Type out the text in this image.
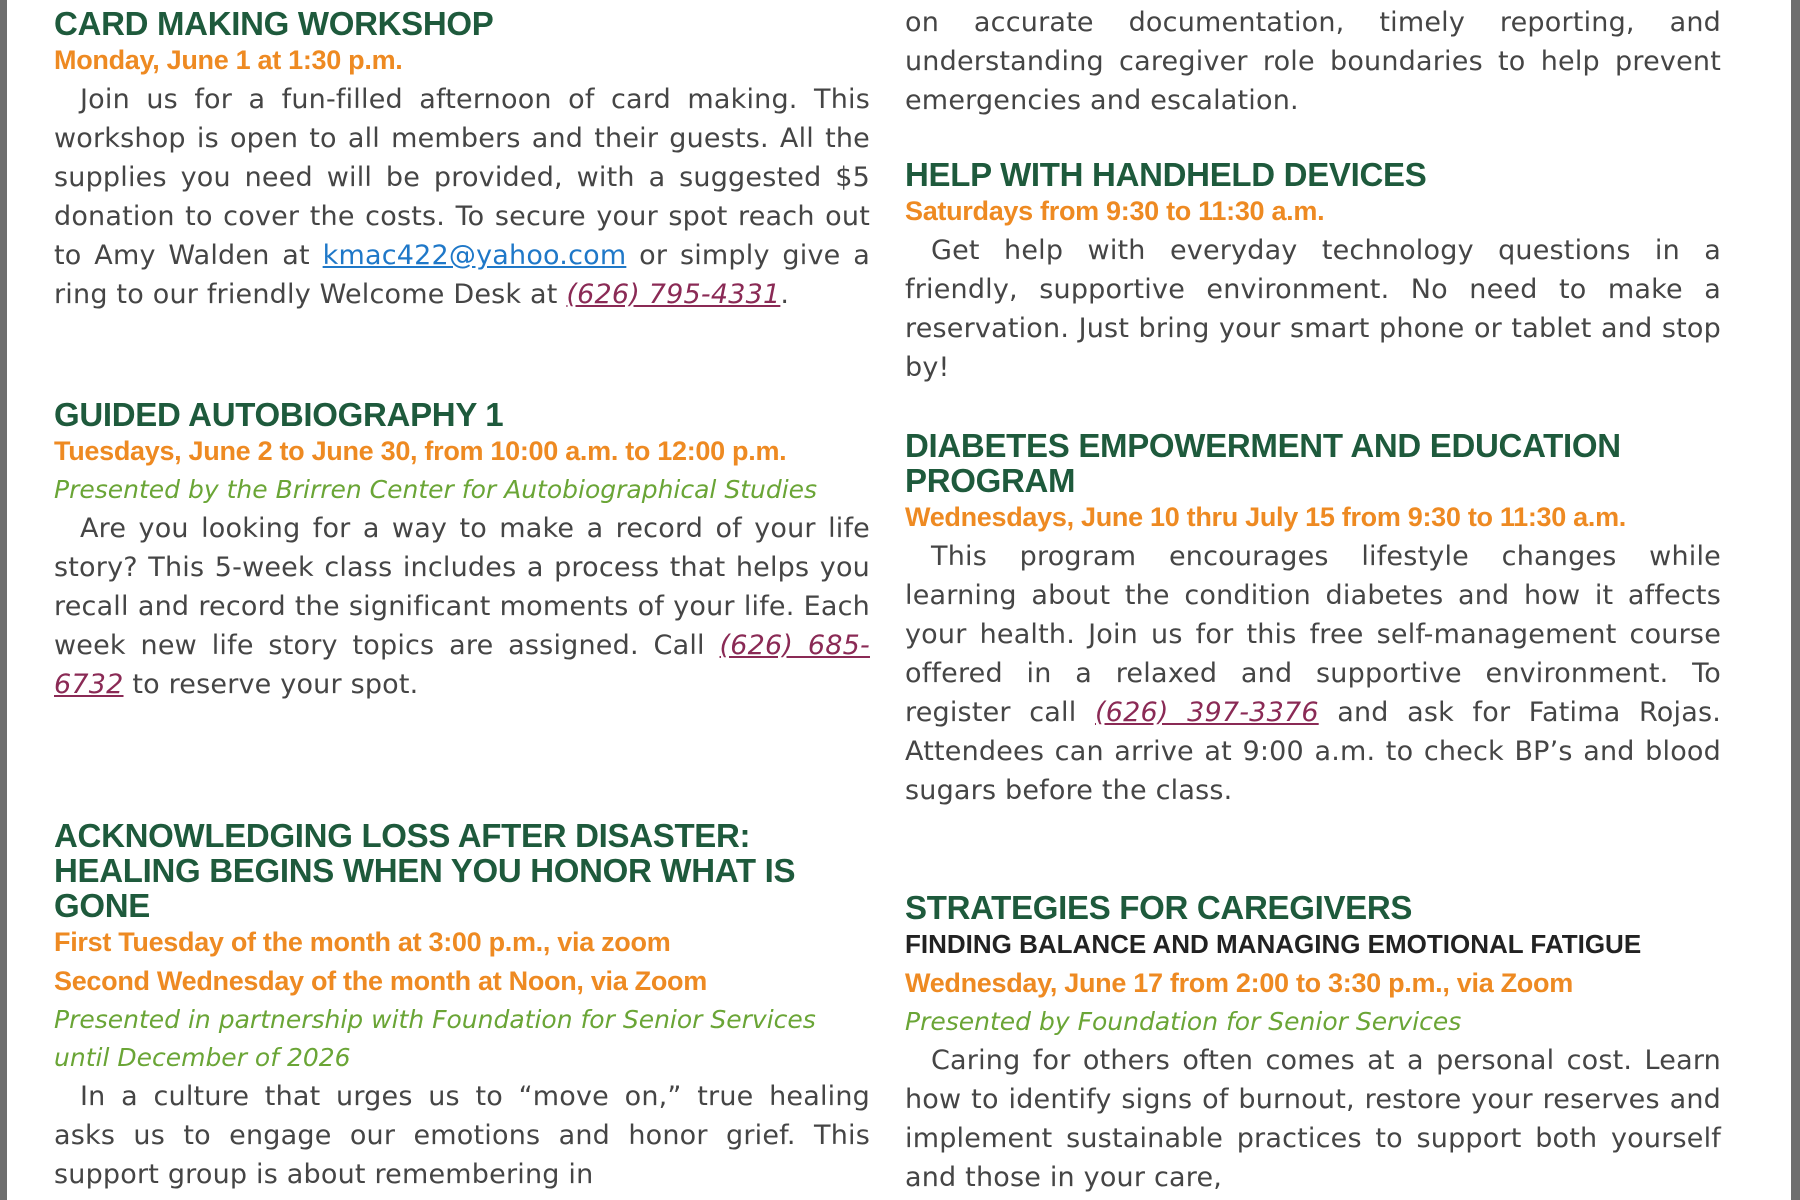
CARD MAKING WORKSHOP

Monday, June 1 at 1:30 p.m.

Join us for a fun-filled afternoon of card making. This workshop is open to all members and their guests. All the supplies you need will be provided, with a suggested $5 donation to cover the costs. To secure your spot reach out to Amy Walden at kmac422@yahoo.com or simply give a ring to our friendly Welcome Desk at (626) 795-4331.

GUIDED AUTOBIOGRAPHY 1

Tuesdays, June 2 to June 30, from 10:00 a.m. to 12:00 p.m.

Presented by the Brirren Center for Autobiographical Studies

Are you looking for a way to make a record of your life story? This 5-week class includes a process that helps you recall and record the significant moments of your life. Each week new life story topics are assigned. Call (626) 685-6732 to reserve your spot.

ACKNOWLEDGING LOSS AFTER DISASTER: HEALING BEGINS WHEN YOU HONOR WHAT IS GONE

First Tuesday of the month at 3:00 p.m., via zoom

Second Wednesday of the month at Noon, via Zoom

Presented in partnership with Foundation for Senior Services until December of 2026

In a culture that urges us to “move on,” true healing asks us to engage our emotions and honor grief. This support group is about remembering in

on accurate documentation, timely reporting, and understanding caregiver role boundaries to help prevent emergencies and escalation.

HELP WITH HANDHELD DEVICES

Saturdays from 9:30 to 11:30 a.m.

Get help with everyday technology questions in a friendly, supportive environment. No need to make a reservation. Just bring your smart phone or tablet and stop by!

DIABETES EMPOWERMENT AND EDUCATION PROGRAM

Wednesdays, June 10 thru July 15 from 9:30 to 11:30 a.m.

This program encourages lifestyle changes while learning about the condition diabetes and how it affects your health. Join us for this free self-management course offered in a relaxed and supportive environment. To register call (626) 397-3376 and ask for Fatima Rojas. Attendees can arrive at 9:00 a.m. to check BP’s and blood sugars before the class.

STRATEGIES FOR CAREGIVERS

FINDING BALANCE AND MANAGING EMOTIONAL FATIGUE

Wednesday, June 17 from 2:00 to 3:30 p.m., via Zoom

Presented by Foundation for Senior Services

Caring for others often comes at a personal cost. Learn how to identify signs of burnout, restore your reserves and implement sustainable practices to support both yourself and those in your care,
